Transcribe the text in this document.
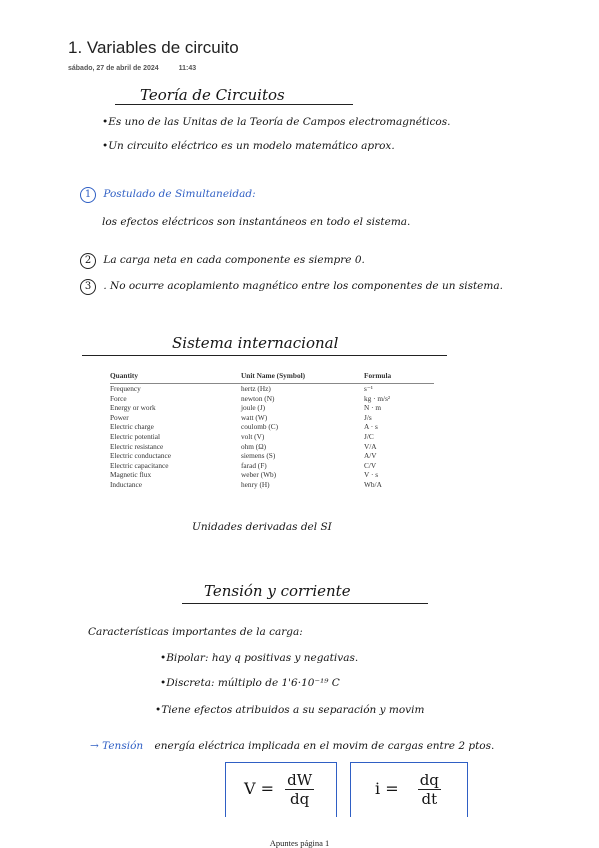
1. Variables de circuito
sábado, 27 de abril de 2024	11:43
Teoría de Circuitos
•Es uno de las Unitas de la Teoría de Campos electromagnéticos.
•Un circuito eléctrico es un modelo matemático aprox.
1 Postulado de Simultaneidad:
los efectos eléctricos son instantáneos en todo el sistema.
2 La carga neta en cada componente es siempre 0.
3 . No ocurre acoplamiento magnético entre los componentes de un sistema.
Sistema internacional
Quantity	Unit Name (Symbol)	Formula
Frequency	hertz (Hz)	s⁻¹
Force	newton (N)	kg · m/s²
Energy or work	joule (J)	N · m
Power	watt (W)	J/s
Electric charge	coulomb (C)	A · s
Electric potential	volt (V)	J/C
Electric resistance	ohm (Ω)	V/A
Electric conductance	siemens (S)	A/V
Electric capacitance	farad (F)	C/V
Magnetic flux	weber (Wb)	V · s
Inductance	henry (H)	Wb/A
Unidades derivadas del SI
Tensión y corriente
Características importantes de la carga:
•Bipolar: hay q positivas y negativas.
•Discreta: múltiplo de 1'6·10⁻¹⁹ C
•Tiene efectos atribuidos a su separación y movim
→ Tensión energía eléctrica implicada en el movim de cargas entre 2 ptos.
$V = \frac{dW}{dq}$	$i = \frac{dq}{dt}$
Apuntes página 1
